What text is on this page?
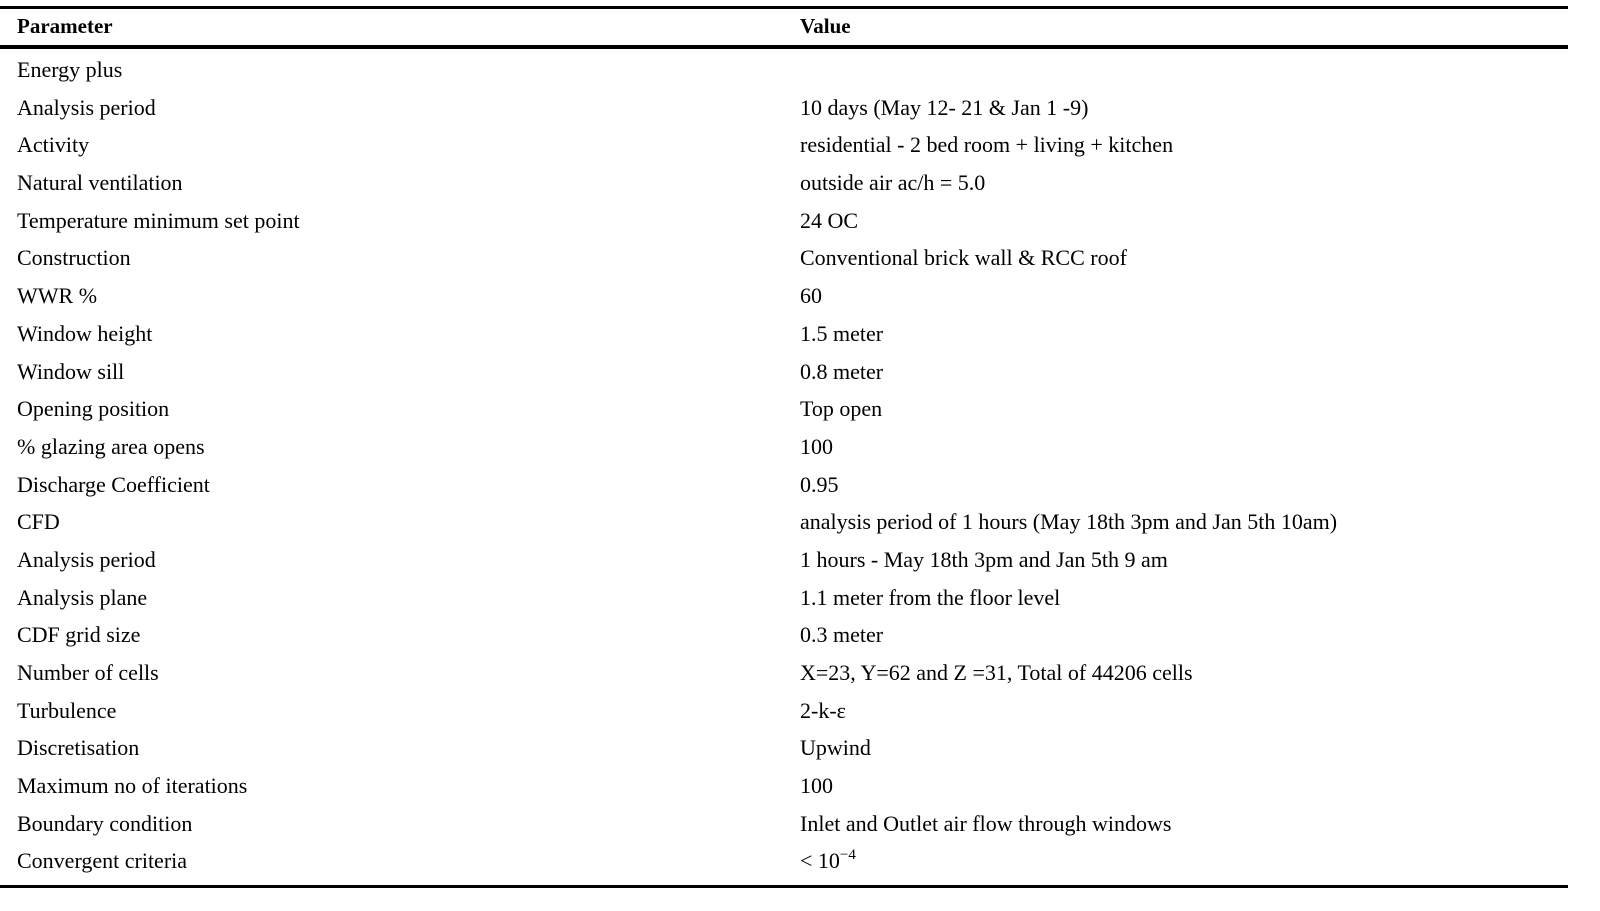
Parameter	Value
Energy plus
Analysis period	10 days (May 12- 21 & Jan 1 -9)
Activity	residential - 2 bed room + living + kitchen
Natural ventilation	outside air ac/h = 5.0
Temperature minimum set point	24 OC
Construction	Conventional brick wall & RCC roof
WWR %	60
Window height	1.5 meter
Window sill	0.8 meter
Opening position	Top open
% glazing area opens	100
Discharge Coefficient	0.95
CFD	analysis period of 1 hours (May 18th 3pm and Jan 5th 10am)
Analysis period	1 hours - May 18th 3pm and Jan 5th 9 am
Analysis plane	1.1 meter from the floor level
CDF grid size	0.3 meter
Number of cells	X=23, Y=62 and Z =31, Total of 44206 cells
Turbulence	2-k-ε
Discretisation	Upwind
Maximum no of iterations	100
Boundary condition	Inlet and Outlet air flow through windows
Convergent criteria	< $10^{-4}$
